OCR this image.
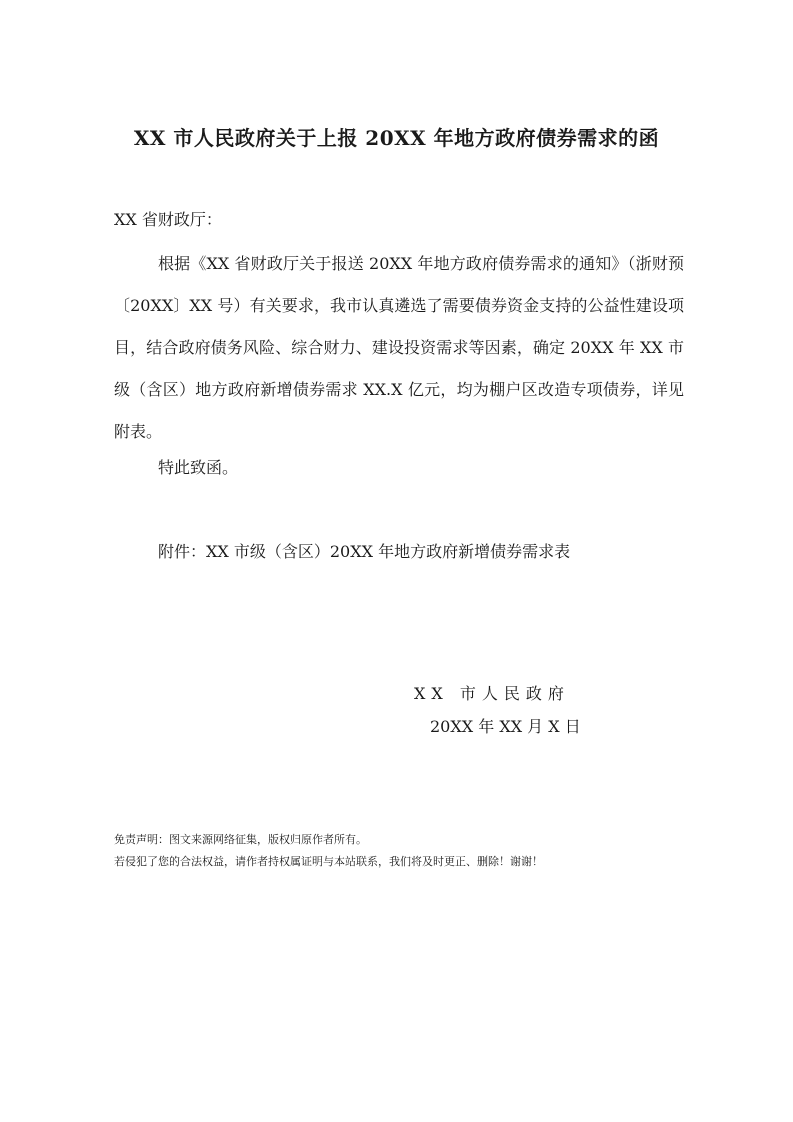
XX 市人民政府关于上报 20XX 年地方政府债券需求的函
XX 省财政厅：
根据《XX 省财政厅关于报送 20XX 年地方政府债券需求的通知》（浙财预〔20XX〕XX 号）有关要求，我市认真遴选了需要债券资金支持的公益性建设项目，结合政府债务风险、综合财力、建设投资需求等因素，确定 20XX 年 XX 市级（含区）地方政府新增债券需求 XX.X 亿元，均为棚户区改造专项债券，详见附表。
特此致函。
附件：XX 市级（含区）20XX 年地方政府新增债券需求表
XX 市人民政府
20XX 年 XX 月 X 日
免责声明：图文来源网络征集，版权归原作者所有。
若侵犯了您的合法权益，请作者持权属证明与本站联系，我们将及时更正、删除！谢谢！
